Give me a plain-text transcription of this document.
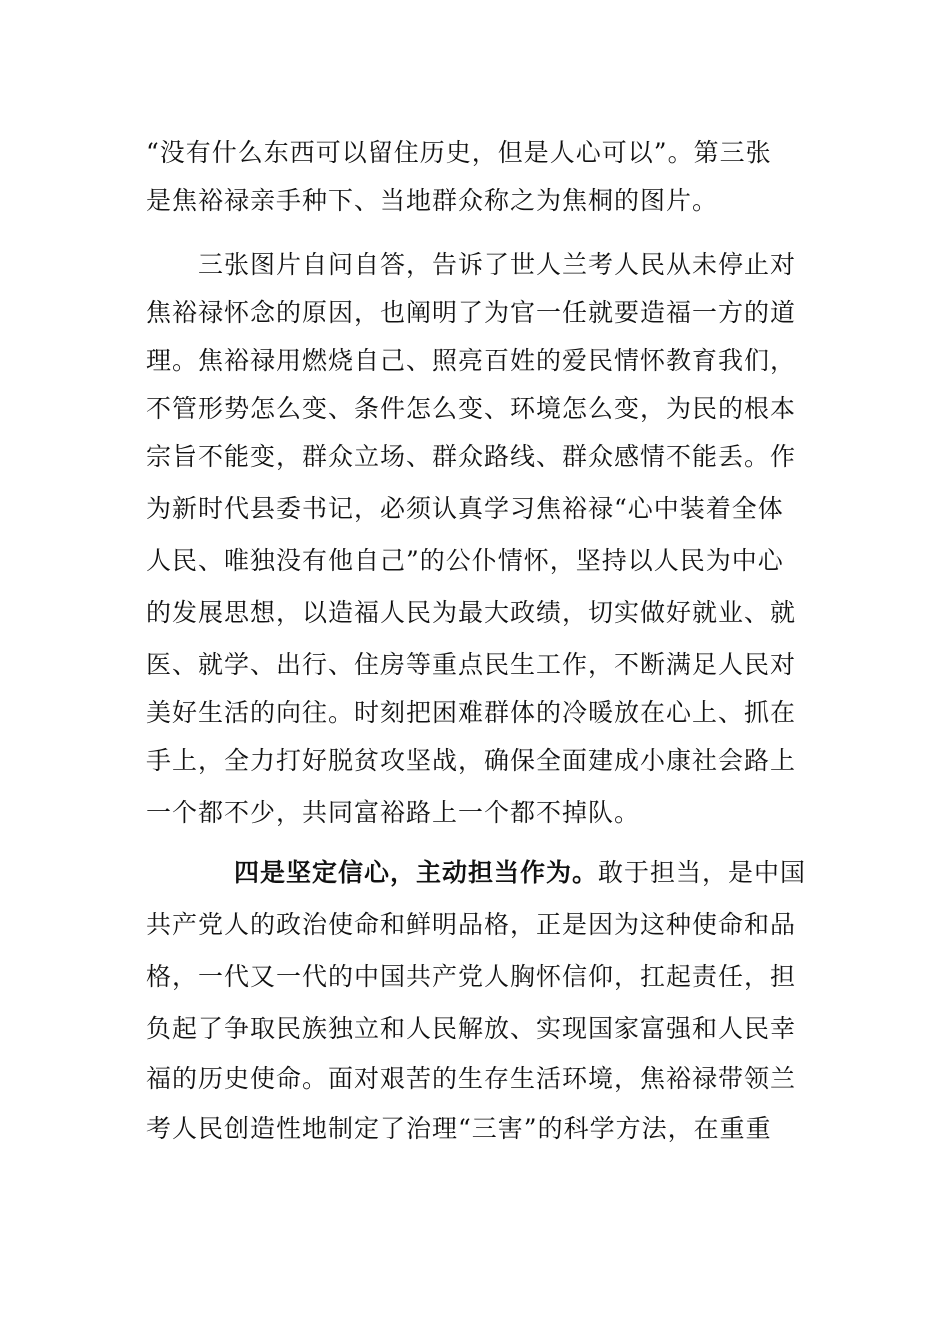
“没有什么东西可以留住历史，但是人心可以”。第三张
是焦裕禄亲手种下、当地群众称之为焦桐的图片。
三张图片自问自答，告诉了世人兰考人民从未停止对
焦裕禄怀念的原因，也阐明了为官一任就要造福一方的道
理。焦裕禄用燃烧自己、照亮百姓的爱民情怀教育我们，
不管形势怎么变、条件怎么变、环境怎么变，为民的根本
宗旨不能变，群众立场、群众路线、群众感情不能丢。作
为新时代县委书记，必须认真学习焦裕禄“心中装着全体
人民、唯独没有他自己”的公仆情怀，坚持以人民为中心
的发展思想，以造福人民为最大政绩，切实做好就业、就
医、就学、出行、住房等重点民生工作，不断满足人民对
美好生活的向往。时刻把困难群体的冷暖放在心上、抓在
手上，全力打好脱贫攻坚战，确保全面建成小康社会路上
一个都不少，共同富裕路上一个都不掉队。
四是坚定信心，主动担当作为。敢于担当，是中国
共产党人的政治使命和鲜明品格，正是因为这种使命和品
格，一代又一代的中国共产党人胸怀信仰，扛起责任，担
负起了争取民族独立和人民解放、实现国家富强和人民幸
福的历史使命。面对艰苦的生存生活环境，焦裕禄带领兰
考人民创造性地制定了治理“三害”的科学方法，在重重
